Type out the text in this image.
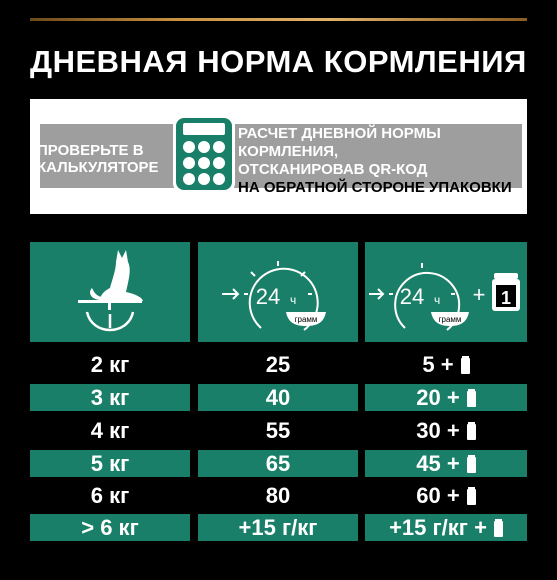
ДНЕВНАЯ НОРМА КОРМЛЕНИЯ
ПРОВЕРЬТЕ В КАЛЬКУЛЯТОРЕ
РАСЧЕТ ДНЕВНОЙ НОРМЫ КОРМЛЕНИЯ,
ОТСКАНИРОВАВ QR-КОД
НА ОБРАТНОЙ СТОРОНЕ УПАКОВКИ
24 ч
грамм
24 ч
грамм
+ 1
2 кг	25	5 +
3 кг	40	20 +
4 кг	55	30 +
5 кг	65	45 +
6 кг	80	60 +
> 6 кг	+15 г/кг	+15 г/кг +
